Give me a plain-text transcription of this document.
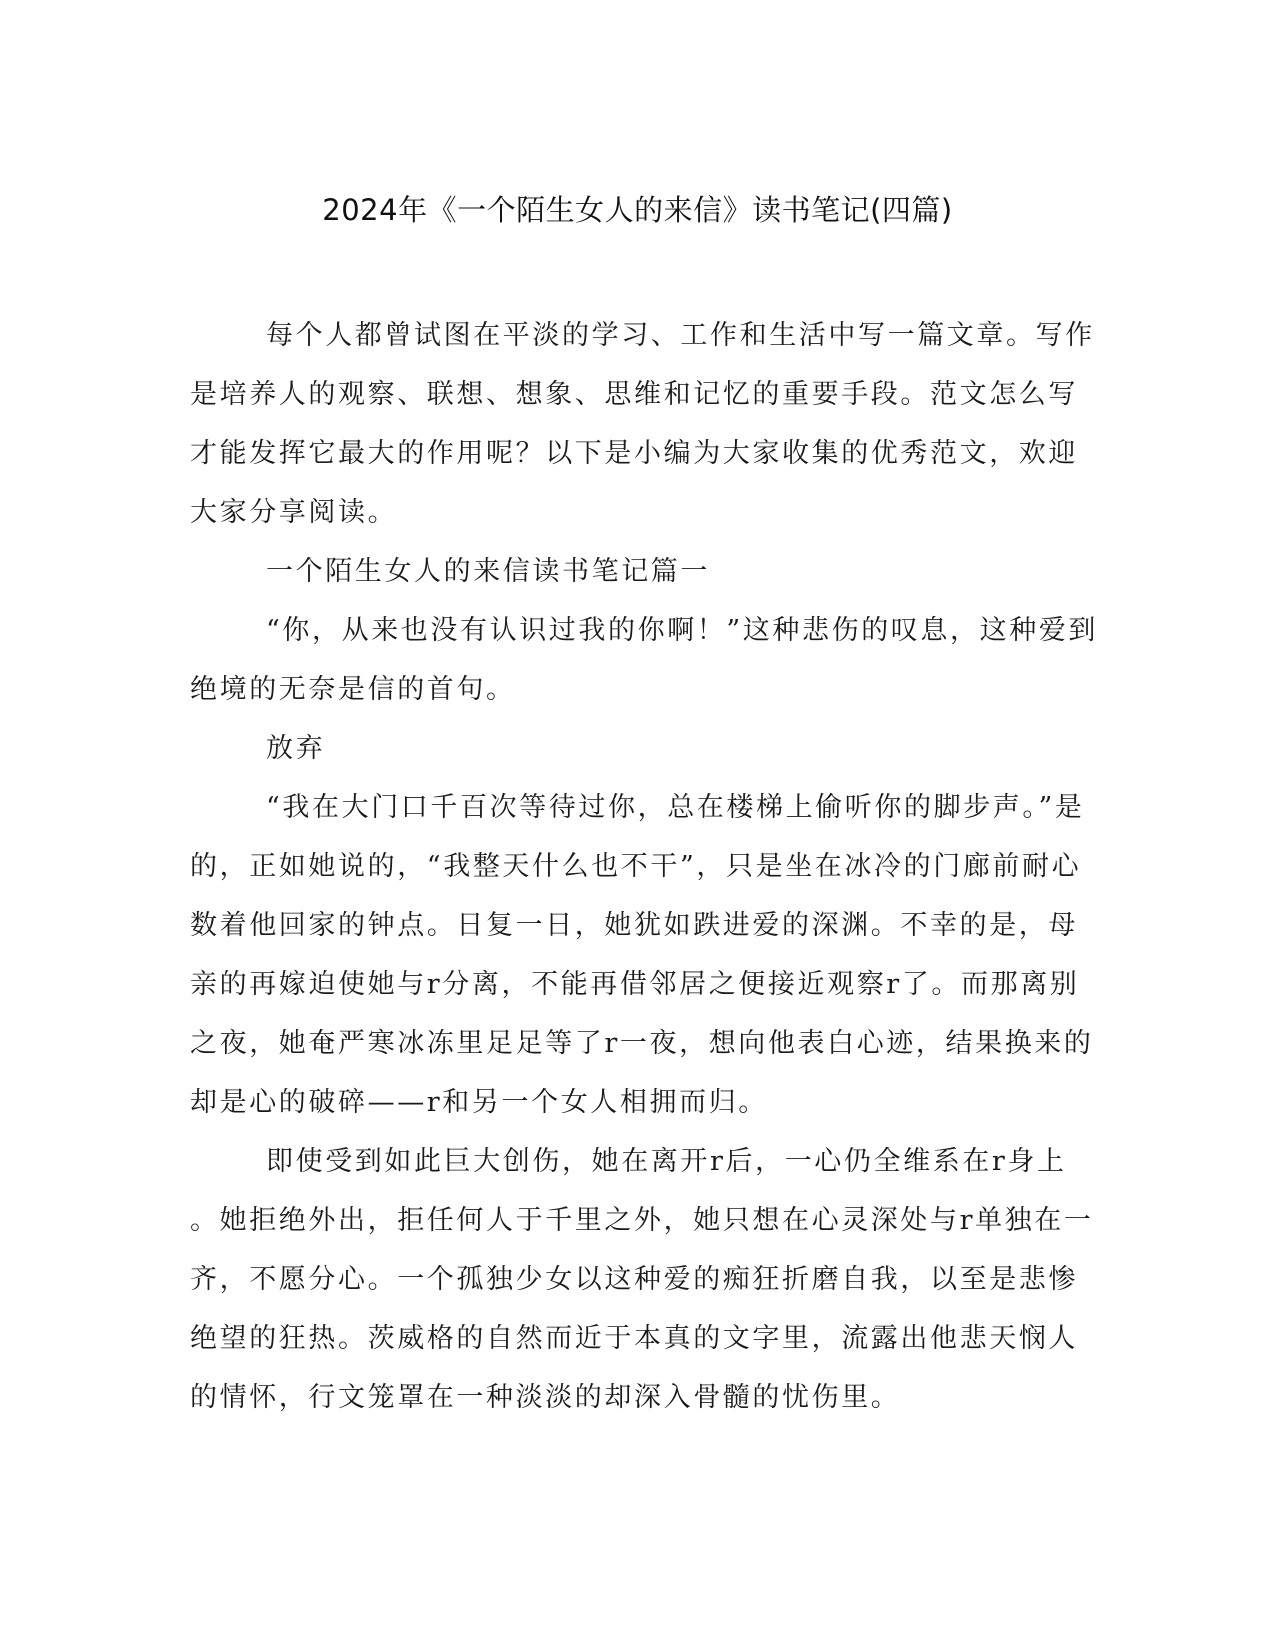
2024年《一个陌生女人的来信》读书笔记(四篇)
每个人都曾试图在平淡的学习、工作和生活中写一篇文章。写作
是培养人的观察、联想、想象、思维和记忆的重要手段。范文怎么写
才能发挥它最大的作用呢？以下是小编为大家收集的优秀范文，欢迎
大家分享阅读。
一个陌生女人的来信读书笔记篇一
“你，从来也没有认识过我的你啊！”这种悲伤的叹息，这种爱到
绝境的无奈是信的首句。
放弃
“我在大门口千百次等待过你，总在楼梯上偷听你的脚步声。”是
的，正如她说的，“我整天什么也不干”，只是坐在冰冷的门廊前耐心
数着他回家的钟点。日复一日，她犹如跌进爱的深渊。不幸的是，母
亲的再嫁迫使她与r分离，不能再借邻居之便接近观察r了。而那离别
之夜，她奄严寒冰冻里足足等了r一夜，想向他表白心迹，结果换来的
却是心的破碎——r和另一个女人相拥而归。
即使受到如此巨大创伤，她在离开r后，一心仍全维系在r身上
。她拒绝外出，拒任何人于千里之外，她只想在心灵深处与r单独在一
齐，不愿分心。一个孤独少女以这种爱的痴狂折磨自我，以至是悲惨
绝望的狂热。茨威格的自然而近于本真的文字里，流露出他悲天悯人
的情怀，行文笼罩在一种淡淡的却深入骨髓的忧伤里。
